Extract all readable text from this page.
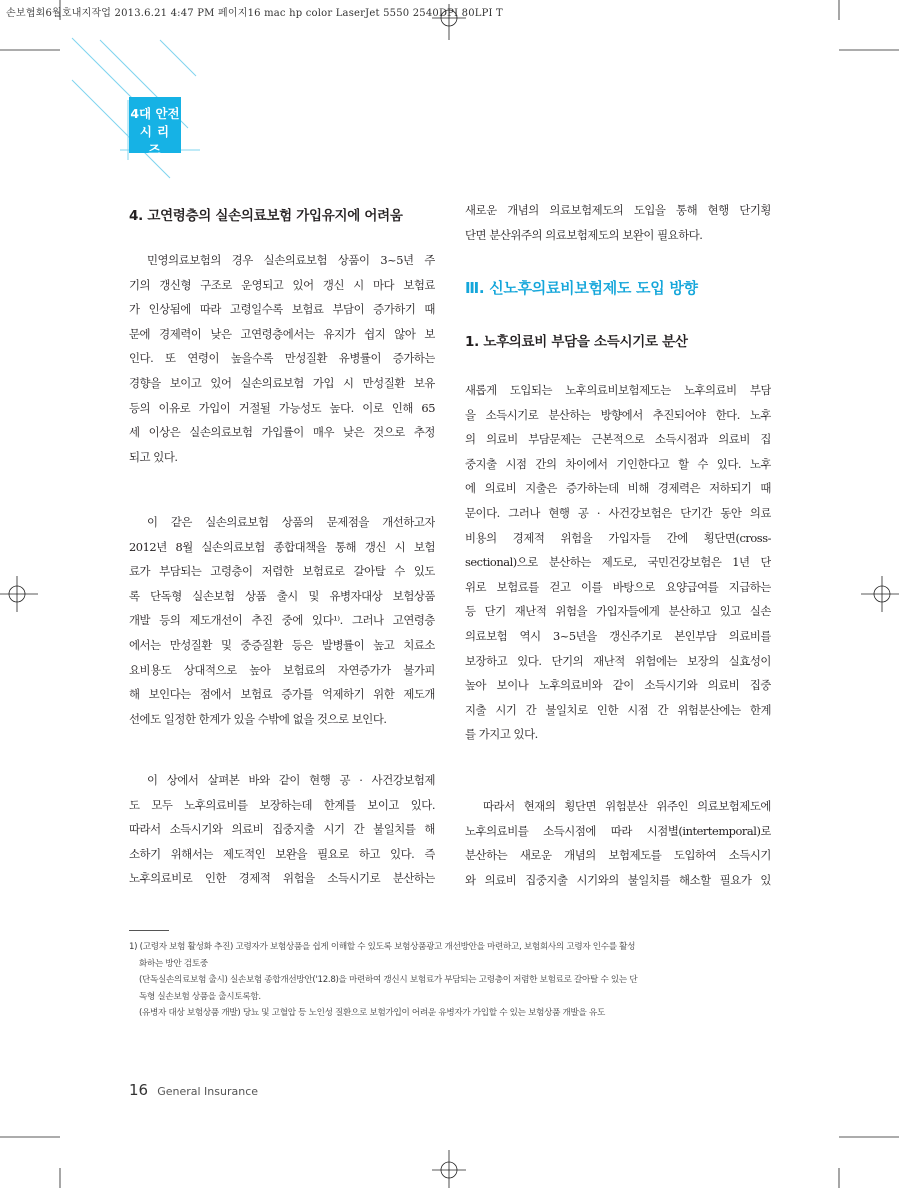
손보협회6월호내지작업 2013.6.21 4:47 PM 페이지16 mac hp color LaserJet 5550 2540DPI 80LPI T
4대 안전
시리즈
4. 고연령층의 실손의료보험 가입유지에 어려움
민영의료보험의 경우 실손의료보험 상품이 3~5년 주
기의 갱신형 구조로 운영되고 있어 갱신 시 마다 보험료
가 인상됨에 따라 고령일수록 보험료 부담이 증가하기 때
문에 경제력이 낮은 고연령층에서는 유지가 쉽지 않아 보
인다. 또 연령이 높을수록 만성질환 유병률이 증가하는
경향을 보이고 있어 실손의료보험 가입 시 만성질환 보유
등의 이유로 가입이 거절될 가능성도 높다. 이로 인해 65
세 이상은 실손의료보험 가입률이 매우 낮은 것으로 추정
되고 있다.
이 같은 실손의료보험 상품의 문제점을 개선하고자
2012년 8월 실손의료보험 종합대책을 통해 갱신 시 보험
료가 부담되는 고령층이 저렴한 보험료로 갈아탈 수 있도
록 단독형 실손보험 상품 출시 및 유병자대상 보험상품
개발 등의 제도개선이 추진 중에 있다¹⁾. 그러나 고연령층
에서는 만성질환 및 중증질환 등은 발병률이 높고 치료소
요비용도 상대적으로 높아 보험료의 자연증가가 불가피
해 보인다는 점에서 보험료 증가를 억제하기 위한 제도개
선에도 일정한 한계가 있을 수밖에 없을 것으로 보인다.
이 상에서 살펴본 바와 같이 현행 공 · 사건강보험제
도 모두 노후의료비를 보장하는데 한계를 보이고 있다.
따라서 소득시기와 의료비 집중지출 시기 간 불일치를 해
소하기 위해서는 제도적인 보완을 필요로 하고 있다. 즉
노후의료비로 인한 경제적 위험을 소득시기로 분산하는
새로운 개념의 의료보험제도의 도입을 통해 현행 단기횡
단면 분산위주의 의료보험제도의 보완이 필요하다.
Ⅲ. 신노후의료비보험제도 도입 방향
1. 노후의료비 부담을 소득시기로 분산
새롭게 도입되는 노후의료비보험제도는 노후의료비 부담
을 소득시기로 분산하는 방향에서 추진되어야 한다. 노후
의 의료비 부담문제는 근본적으로 소득시점과 의료비 집
중지출 시점 간의 차이에서 기인한다고 할 수 있다. 노후
에 의료비 지출은 증가하는데 비해 경제력은 저하되기 때
문이다. 그러나 현행 공 · 사건강보험은 단기간 동안 의료
비용의 경제적 위험을 가입자들 간에 횡단면(cross-
sectional)으로 분산하는 제도로, 국민건강보험은 1년 단
위로 보험료를 걷고 이를 바탕으로 요양급여를 지급하는
등 단기 재난적 위험을 가입자들에게 분산하고 있고 실손
의료보험 역시 3~5년을 갱신주기로 본인부담 의료비를
보장하고 있다. 단기의 재난적 위험에는 보장의 실효성이
높아 보이나 노후의료비와 같이 소득시기와 의료비 집중
지출 시기 간 불일치로 인한 시점 간 위험분산에는 한계
를 가지고 있다.
따라서 현재의 횡단면 위험분산 위주인 의료보험제도에
노후의료비를 소득시점에 따라 시점별(intertemporal)로
분산하는 새로운 개념의 보험제도를 도입하여 소득시기
와 의료비 집중지출 시기와의 불일치를 해소할 필요가 있
1) (고령자 보험 활성화 추진) 고령자가 보험상품을 쉽게 이해할 수 있도록 보험상품광고 개선방안을 마련하고, 보험회사의 고령자 인수를 활성
화하는 방안 검토중
(단독실손의료보험 출시) 실손보험 종합개선방안('12.8)을 마련하여 갱신시 보험료가 부담되는 고령층이 저렴한 보험료로 갈아탈 수 있는 단
독형 실손보험 상품을 출시토록함.
(유병자 대상 보험상품 개발) 당뇨 및 고혈압 등 노인성 질환으로 보험가입이 어려운 유병자가 가입할 수 있는 보험상품 개발을 유도
16 General Insurance
